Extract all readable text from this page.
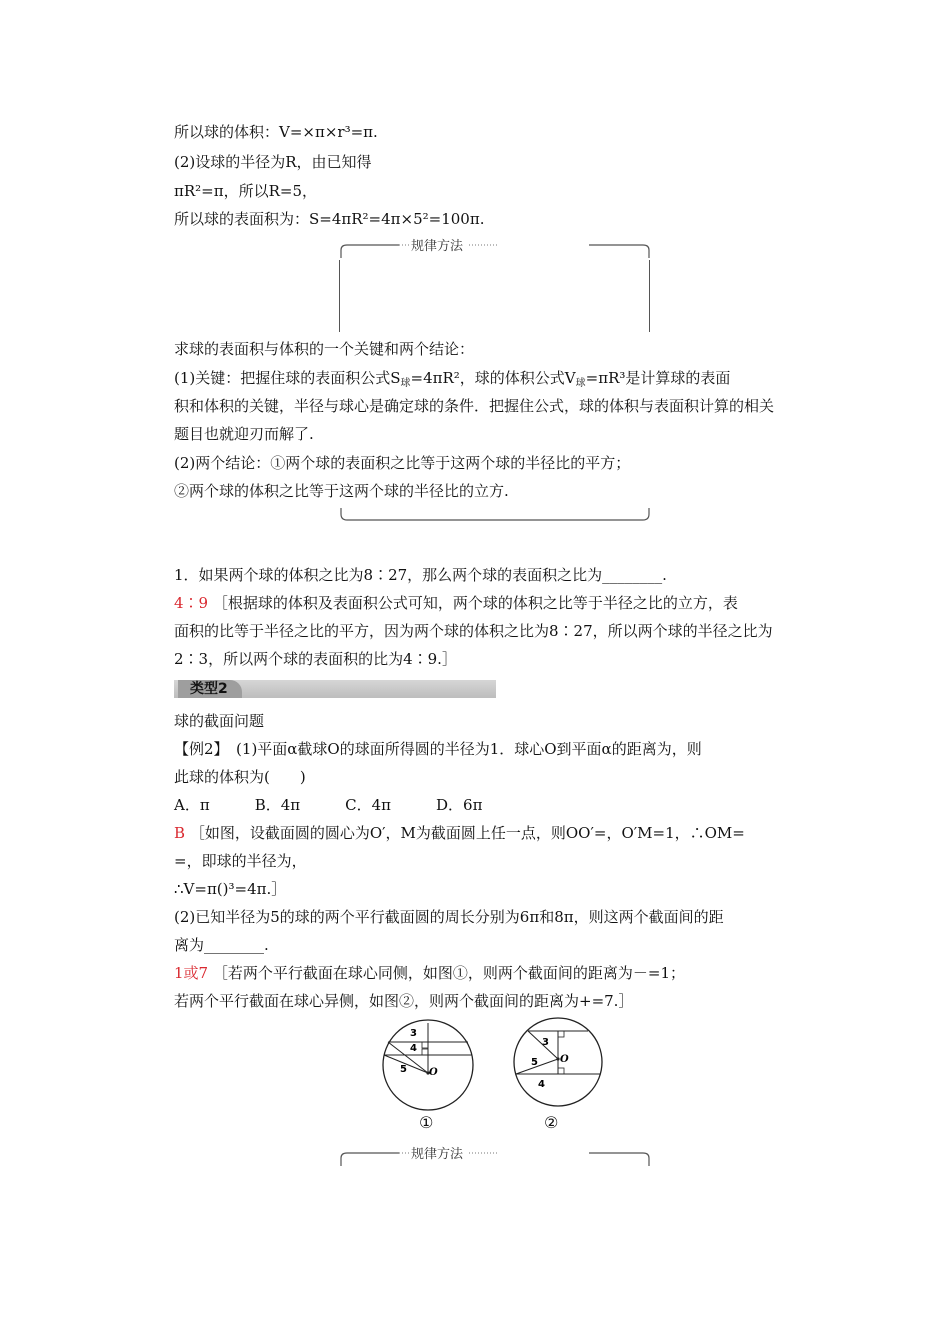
所以球的体积：V=×π×r³=π.
(2)设球的半径为R，由已知得
πR²=π，所以R=5，
所以球的表面积为：S=4πR²=4π×5²=100π.
规律方法
求球的表面积与体积的一个关键和两个结论：
(1)关键：把握住球的表面积公式$S_球=4\pi R^2$，球的体积公式$V_球=\pi R^3$是计算球的表面
积和体积的关键，半径与球心是确定球的条件．把握住公式，球的体积与表面积计算的相关
题目也就迎刃而解了.
(2)两个结论：①两个球的表面积之比等于这两个球的半径比的平方；
②两个球的体积之比等于这两个球的半径比的立方.
1．如果两个球的体积之比为8∶27，那么两个球的表面积之比为________.
4∶9 ［根据球的体积及表面积公式可知，两个球的体积之比等于半径之比的立方，表
面积的比等于半径之比的平方，因为两个球的体积之比为8∶27，所以两个球的半径之比为
2∶3，所以两个球的表面积的比为4∶9.］
类型2
球的截面问题
【例2】　(1)平面α截球O的球面所得圆的半径为1．球心O到平面α的距离为，则
此球的体积为(　　)
A．π　　　B．4π　　　C．4π　　　D．6π
B ［如图，设截面圆的圆心为O′，M为截面圆上任一点，则OO′=，O′M=1，∴OM=
=，即球的半径为，
∴V=π()³=4π.］
(2)已知半径为5的球的两个平行截面圆的周长分别为6π和8π，则这两个截面间的距
离为________.
1或7 ［若两个平行截面在球心同侧，如图①，则两个截面间的距离为－=1；
若两个平行截面在球心异侧，如图②，则两个截面间的距离为+=7.］
3
4
5 O
①
3
5
4
O
②
规律方法
